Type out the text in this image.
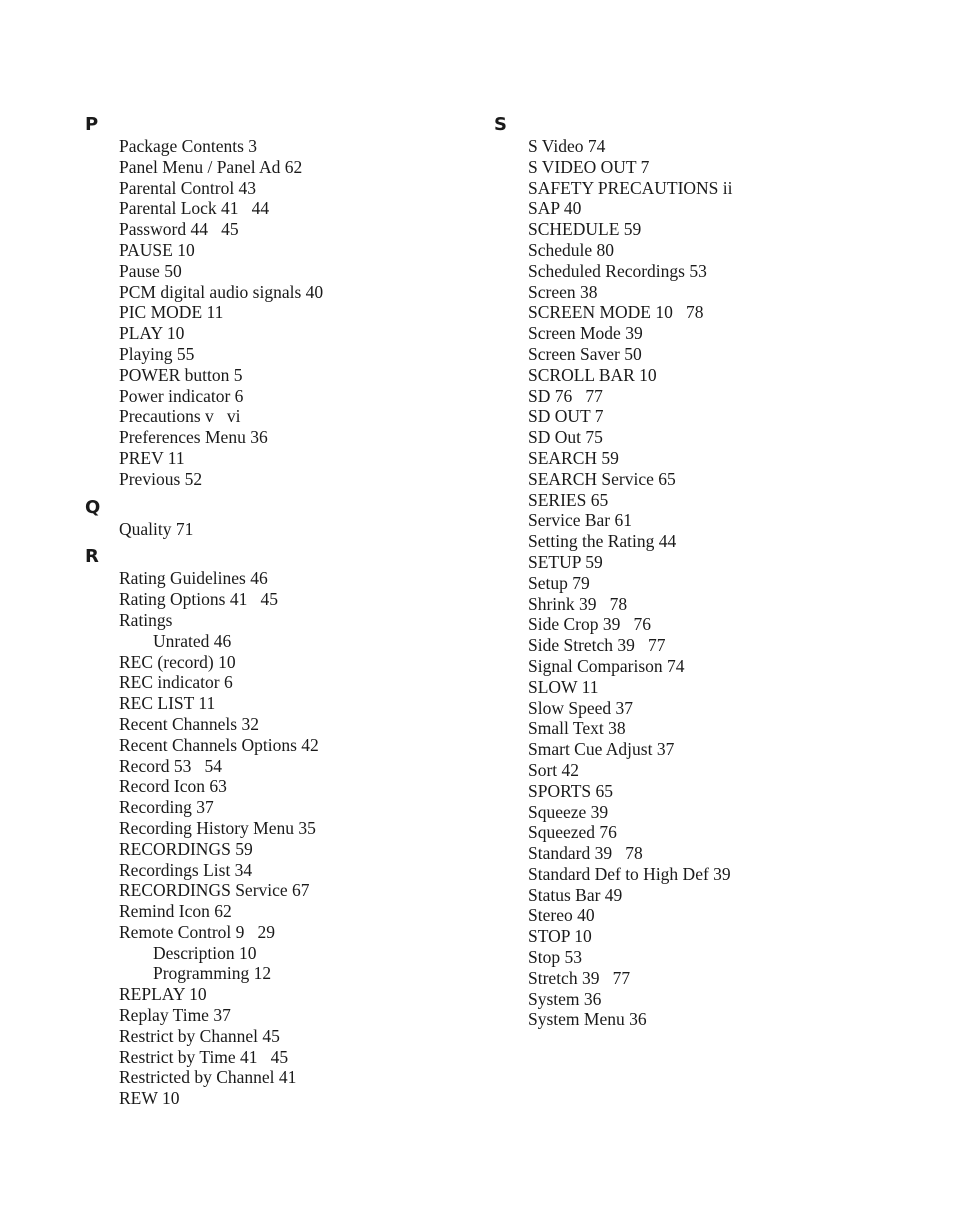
P
Package Contents 3
Panel Menu / Panel Ad 62
Parental Control 43
Parental Lock 41   44
Password 44   45
PAUSE 10
Pause 50
PCM digital audio signals 40
PIC MODE 11
PLAY 10
Playing 55
POWER button 5
Power indicator 6
Precautions v   vi
Preferences Menu 36
PREV 11
Previous 52
Q
Quality 71
R
Rating Guidelines 46
Rating Options 41   45
Ratings
Unrated 46
REC (record) 10
REC indicator 6
REC LIST 11
Recent Channels 32
Recent Channels Options 42
Record 53   54
Record Icon 63
Recording 37
Recording History Menu 35
RECORDINGS 59
Recordings List 34
RECORDINGS Service 67
Remind Icon 62
Remote Control 9   29
Description 10
Programming 12
REPLAY 10
Replay Time 37
Restrict by Channel 45
Restrict by Time 41   45
Restricted by Channel 41
REW 10
S
S Video 74
S VIDEO OUT 7
SAFETY PRECAUTIONS ii
SAP 40
SCHEDULE 59
Schedule 80
Scheduled Recordings 53
Screen 38
SCREEN MODE 10   78
Screen Mode 39
Screen Saver 50
SCROLL BAR 10
SD 76   77
SD OUT 7
SD Out 75
SEARCH 59
SEARCH Service 65
SERIES 65
Service Bar 61
Setting the Rating 44
SETUP 59
Setup 79
Shrink 39   78
Side Crop 39   76
Side Stretch 39   77
Signal Comparison 74
SLOW 11
Slow Speed 37
Small Text 38
Smart Cue Adjust 37
Sort 42
SPORTS 65
Squeeze 39
Squeezed 76
Standard 39   78
Standard Def to High Def 39
Status Bar 49
Stereo 40
STOP 10
Stop 53
Stretch 39   77
System 36
System Menu 36
